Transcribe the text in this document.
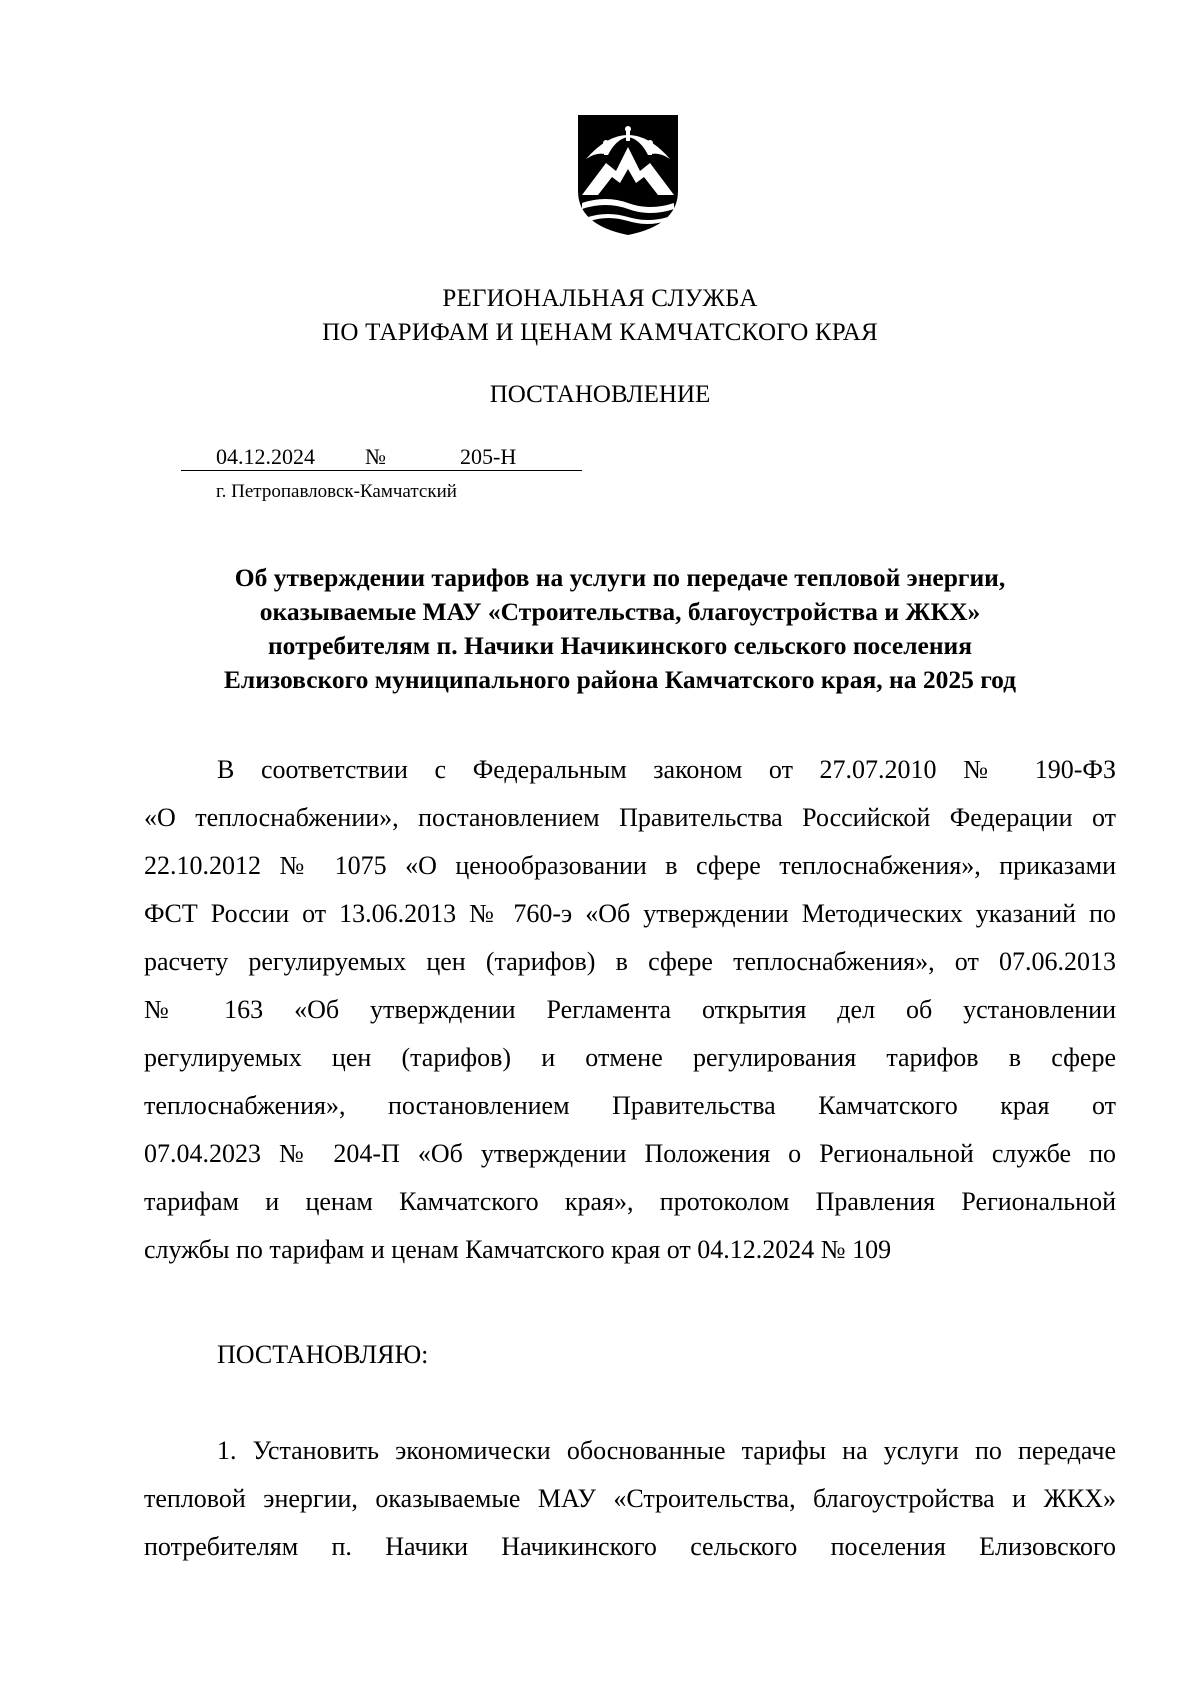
РЕГИОНАЛЬНАЯ СЛУЖБА
ПО ТАРИФАМ И ЦЕНАМ КАМЧАТСКОГО КРАЯ
ПОСТАНОВЛЕНИЕ
04.12.2024 №	205-Н
г. Петропавловск-Камчатский
Об утверждении тарифов на услуги по передаче тепловой энергии,
оказываемые МАУ «Строительства, благоустройства и ЖКХ»
потребителям п. Начики Начикинского сельского поселения
Елизовского муниципального района Камчатского края, на 2025 год
В соответствии с Федеральным законом от 27.07.2010 № 190-ФЗ
«О теплоснабжении», постановлением Правительства Российской Федерации от
22.10.2012 № 1075 «О ценообразовании в сфере теплоснабжения», приказами
ФСТ России от 13.06.2013 № 760-э «Об утверждении Методических указаний по
расчету регулируемых цен (тарифов) в сфере теплоснабжения», от 07.06.2013
№ 163 «Об утверждении Регламента открытия дел об установлении
регулируемых цен (тарифов) и отмене регулирования тарифов в сфере
теплоснабжения», постановлением Правительства Камчатского края от
07.04.2023 № 204-П «Об утверждении Положения о Региональной службе по
тарифам и ценам Камчатского края», протоколом Правления Региональной
службы по тарифам и ценам Камчатского края от 04.12.2024 № 109
ПОСТАНОВЛЯЮ:
1. Установить экономически обоснованные тарифы на услуги по передаче
тепловой энергии, оказываемые МАУ «Строительства, благоустройства и ЖКХ»
потребителям п. Начики Начикинского сельского поселения Елизовского
